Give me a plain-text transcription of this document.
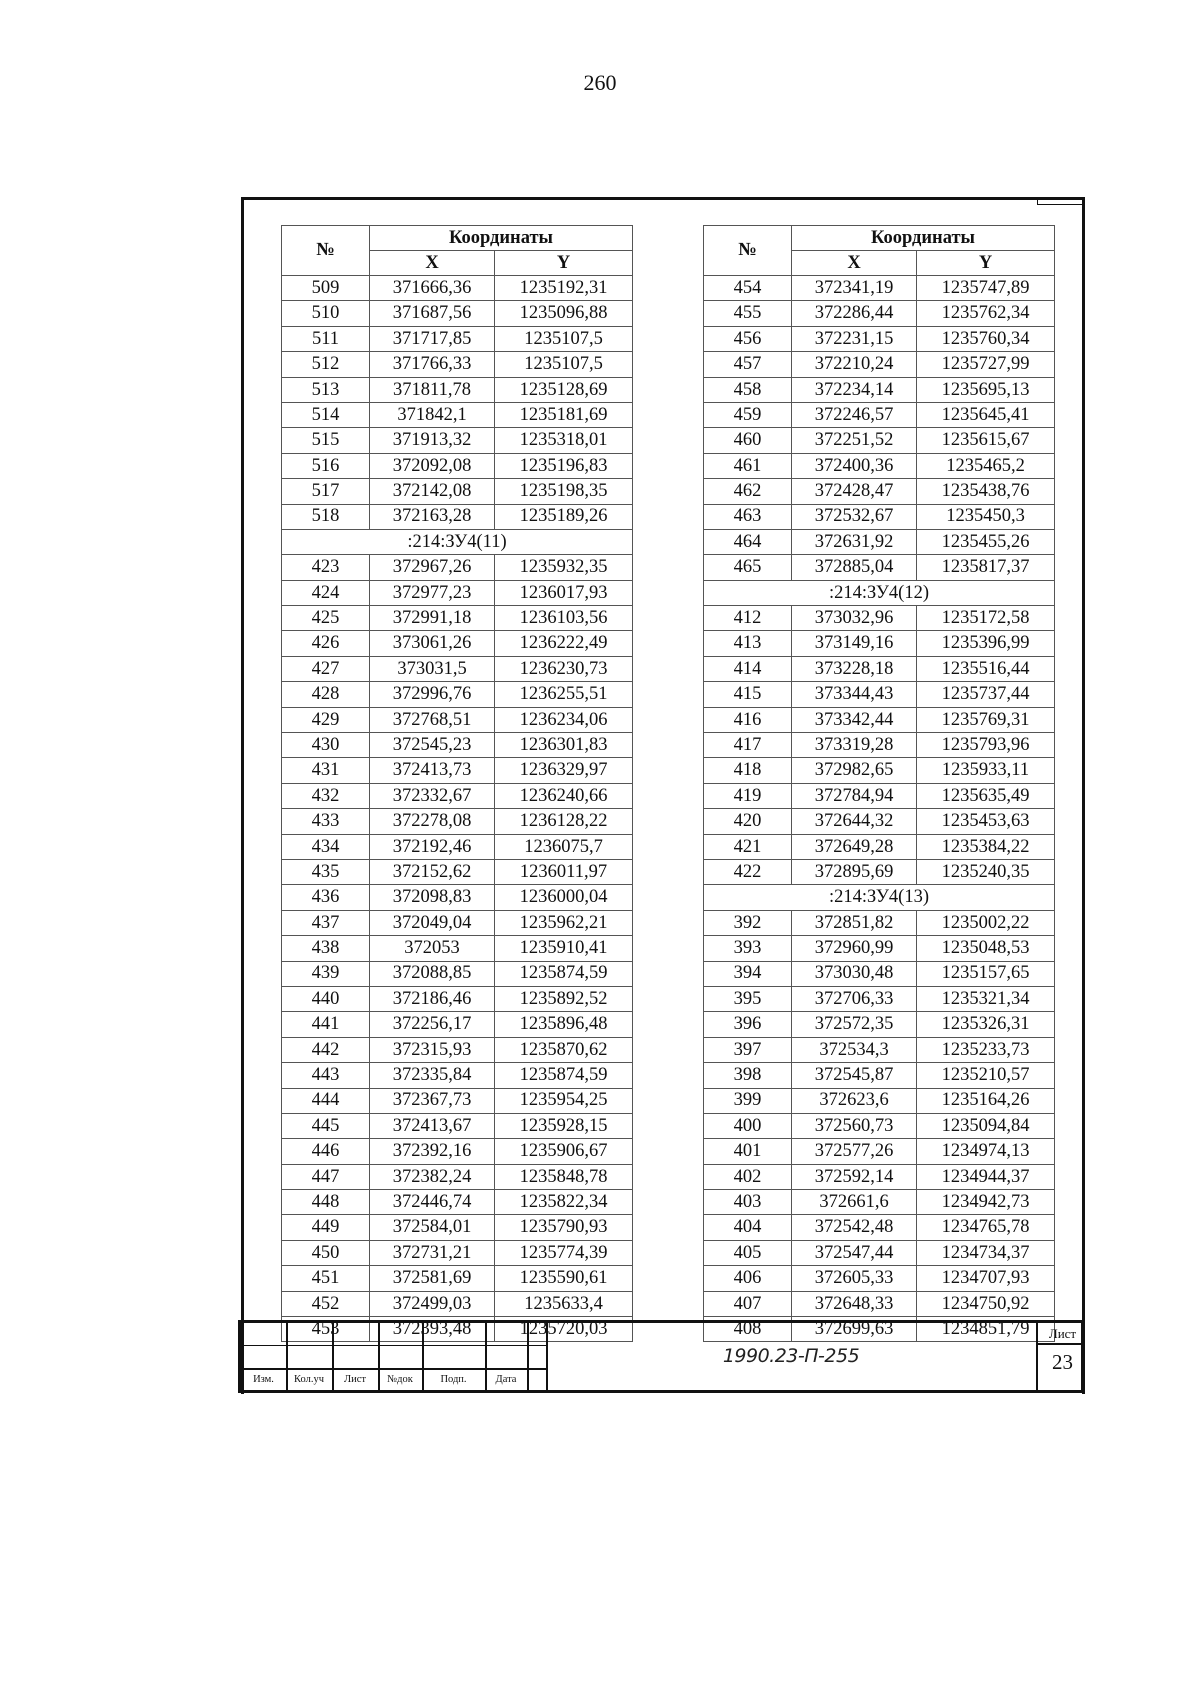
260
№	Координаты	
	X	Y
509	371666,36	1235192,31
510	371687,56	1235096,88
511	371717,85	1235107,5
512	371766,33	1235107,5
513	371811,78	1235128,69
514	371842,1	1235181,69
515	371913,32	1235318,01
516	372092,08	1235196,83
517	372142,08	1235198,35
518	372163,28	1235189,26
:214:ЗУ4(11)		
423	372967,26	1235932,35
424	372977,23	1236017,93
425	372991,18	1236103,56
426	373061,26	1236222,49
427	373031,5	1236230,73
428	372996,76	1236255,51
429	372768,51	1236234,06
430	372545,23	1236301,83
431	372413,73	1236329,97
432	372332,67	1236240,66
433	372278,08	1236128,22
434	372192,46	1236075,7
435	372152,62	1236011,97
436	372098,83	1236000,04
437	372049,04	1235962,21
438	372053	1235910,41
439	372088,85	1235874,59
440	372186,46	1235892,52
441	372256,17	1235896,48
442	372315,93	1235870,62
443	372335,84	1235874,59
444	372367,73	1235954,25
445	372413,67	1235928,15
446	372392,16	1235906,67
447	372382,24	1235848,78
448	372446,74	1235822,34
449	372584,01	1235790,93
450	372731,21	1235774,39
451	372581,69	1235590,61
452	372499,03	1235633,4
453	372393,48	1235720,03
№	Координаты	
	X	Y
454	372341,19	1235747,89
455	372286,44	1235762,34
456	372231,15	1235760,34
457	372210,24	1235727,99
458	372234,14	1235695,13
459	372246,57	1235645,41
460	372251,52	1235615,67
461	372400,36	1235465,2
462	372428,47	1235438,76
463	372532,67	1235450,3
464	372631,92	1235455,26
465	372885,04	1235817,37
:214:ЗУ4(12)		
412	373032,96	1235172,58
413	373149,16	1235396,99
414	373228,18	1235516,44
415	373344,43	1235737,44
416	373342,44	1235769,31
417	373319,28	1235793,96
418	372982,65	1235933,11
419	372784,94	1235635,49
420	372644,32	1235453,63
421	372649,28	1235384,22
422	372895,69	1235240,35
:214:ЗУ4(13)		
392	372851,82	1235002,22
393	372960,99	1235048,53
394	373030,48	1235157,65
395	372706,33	1235321,34
396	372572,35	1235326,31
397	372534,3	1235233,73
398	372545,87	1235210,57
399	372623,6	1235164,26
400	372560,73	1235094,84
401	372577,26	1234974,13
402	372592,14	1234944,37
403	372661,6	1234942,73
404	372542,48	1234765,78
405	372547,44	1234734,37
406	372605,33	1234707,93
407	372648,33	1234750,92
408	372699,63	1234851,79
Изм.	Кол.уч	Лист	№док	Подп.	Дата
1990.23-П-255
Лист
23
